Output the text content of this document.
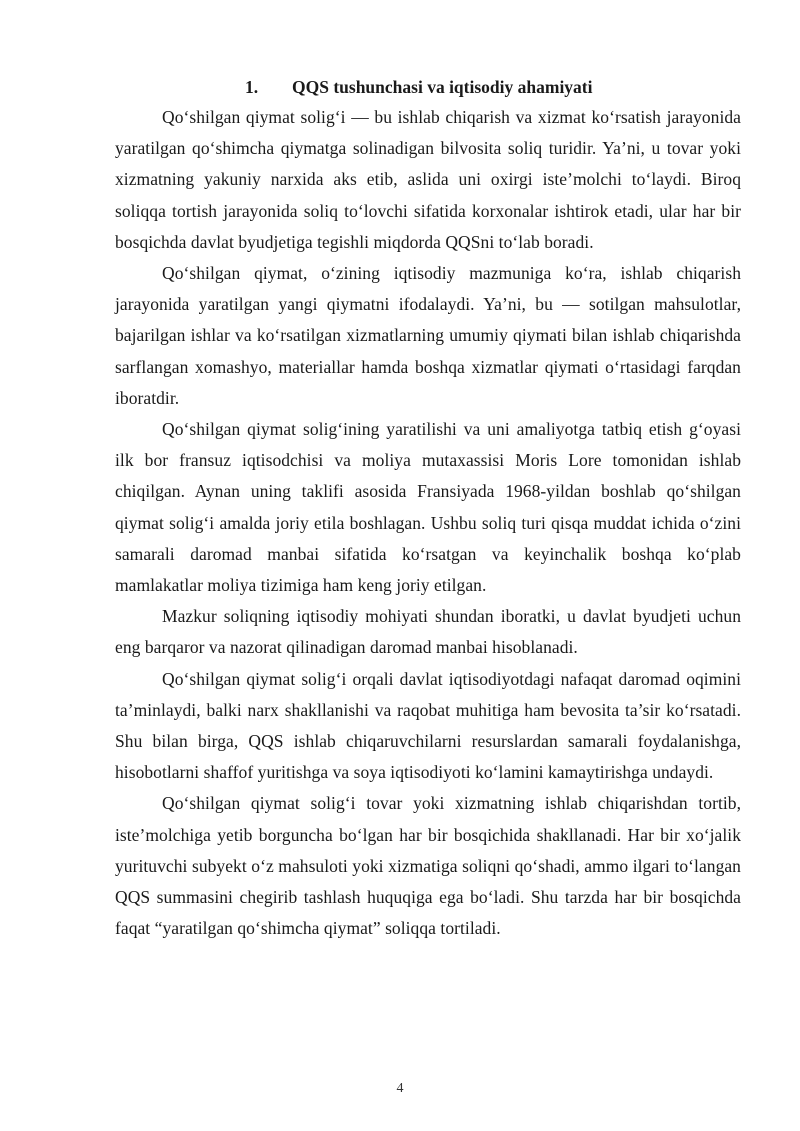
1. QQS tushunchasi va iqtisodiy ahamiyati

Qo‘shilgan qiymat solig‘i — bu ishlab chiqarish va xizmat ko‘rsatish jarayonida yaratilgan qo‘shimcha qiymatga solinadigan bilvosita soliq turidir. Ya’ni, u tovar yoki xizmatning yakuniy narxida aks etib, aslida uni oxirgi iste’molchi to‘laydi. Biroq soliqqa tortish jarayonida soliq to‘lovchi sifatida korxonalar ishtirok etadi, ular har bir bosqichda davlat byudjetiga tegishli miqdorda QQSni to‘lab boradi.

Qo‘shilgan qiymat, o‘zining iqtisodiy mazmuniga ko‘ra, ishlab chiqarish jarayonida yaratilgan yangi qiymatni ifodalaydi. Ya’ni, bu — sotilgan mahsulotlar, bajarilgan ishlar va ko‘rsatilgan xizmatlarning umumiy qiymati bilan ishlab chiqarishda sarflangan xomashyo, materiallar hamda boshqa xizmatlar qiymati o‘rtasidagi farqdan iboratdir.

Qo‘shilgan qiymat solig‘ining yaratilishi va uni amaliyotga tatbiq etish g‘oyasi ilk bor fransuz iqtisodchisi va moliya mutaxassisi Moris Lore tomonidan ishlab chiqilgan. Aynan uning taklifi asosida Fransiyada 1968-yildan boshlab qo‘shilgan qiymat solig‘i amalda joriy etila boshlagan. Ushbu soliq turi qisqa muddat ichida o‘zini samarali daromad manbai sifatida ko‘rsatgan va keyinchalik boshqa ko‘plab mamlakatlar moliya tizimiga ham keng joriy etilgan.

Mazkur soliqning iqtisodiy mohiyati shundan iboratki, u davlat byudjeti uchun eng barqaror va nazorat qilinadigan daromad manbai hisoblanadi.

Qo‘shilgan qiymat solig‘i orqali davlat iqtisodiyotdagi nafaqat daromad oqimini ta’minlaydi, balki narx shakllanishi va raqobat muhitiga ham bevosita ta’sir ko‘rsatadi. Shu bilan birga, QQS ishlab chiqaruvchilarni resurslardan samarali foydalanishga, hisobotlarni shaffof yuritishga va soya iqtisodiyoti ko‘lamini kamaytirishga undaydi.

Qo‘shilgan qiymat solig‘i tovar yoki xizmatning ishlab chiqarishdan tortib, iste’molchiga yetib borguncha bo‘lgan har bir bosqichida shakllanadi. Har bir xo‘jalik yurituvchi subyekt o‘z mahsuloti yoki xizmatiga soliqni qo‘shadi, ammo ilgari to‘langan QQS summasini chegirib tashlash huquqiga ega bo‘ladi. Shu tarzda har bir bosqichda faqat “yaratilgan qo‘shimcha qiymat” soliqqa tortiladi.

4
